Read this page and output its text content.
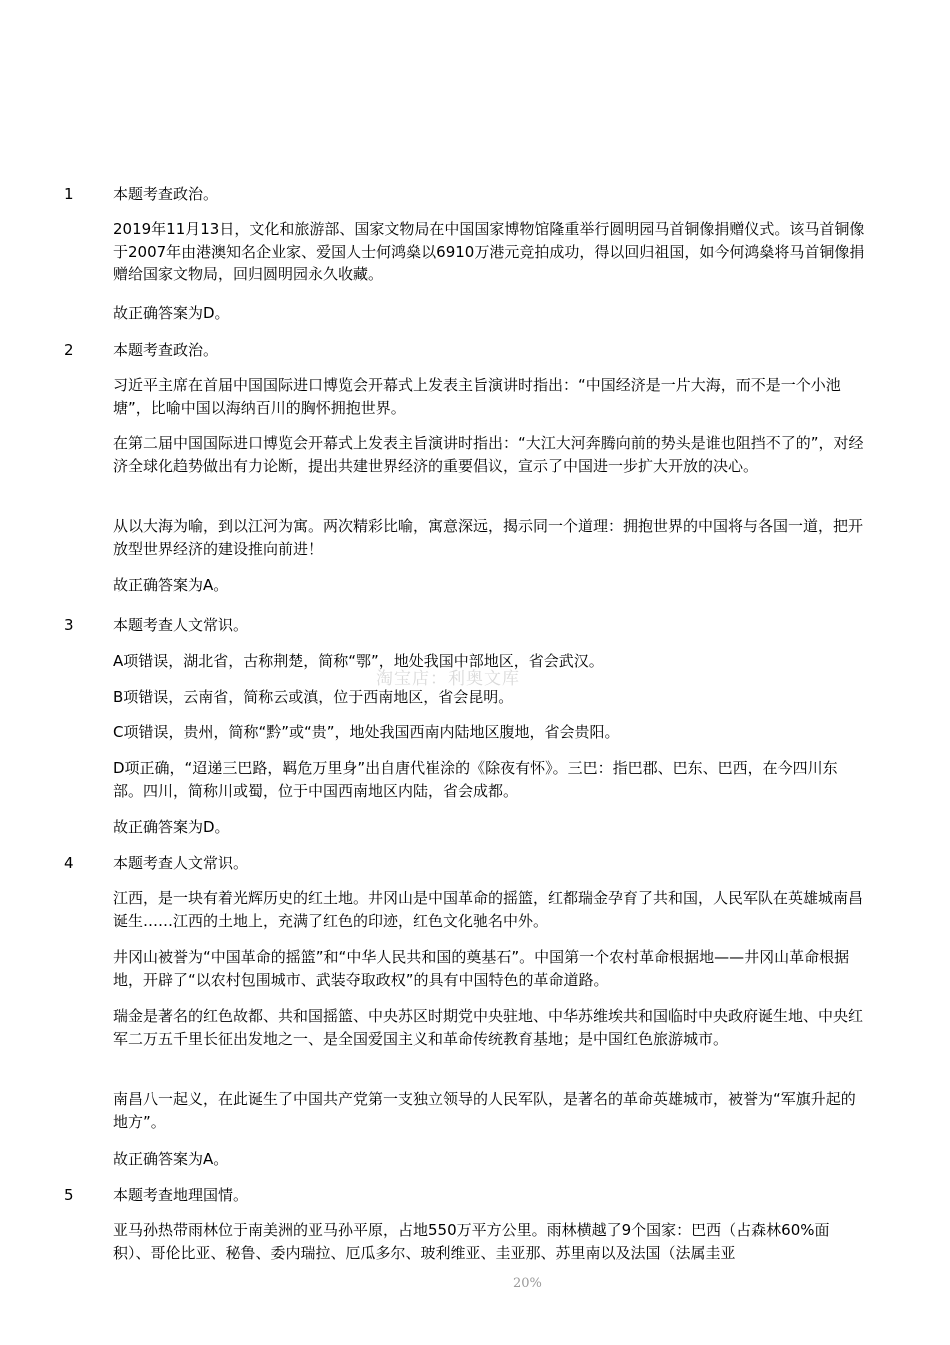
1	本题考查政治。
2019年11月13日，文化和旅游部、国家文物局在中国国家博物馆隆重举行圆明园马首铜像捐赠仪式。该马首铜像于2007年由港澳知名企业家、爱国人士何鸿燊以6910万港元竞拍成功，得以回归祖国，如今何鸿燊将马首铜像捐赠给国家文物局，回归圆明园永久收藏。
故正确答案为D。
2	本题考查政治。
习近平主席在首届中国国际进口博览会开幕式上发表主旨演讲时指出：“中国经济是一片大海，而不是一个小池塘”，比喻中国以海纳百川的胸怀拥抱世界。
在第二届中国国际进口博览会开幕式上发表主旨演讲时指出：“大江大河奔腾向前的势头是谁也阻挡不了的”，对经济全球化趋势做出有力论断，提出共建世界经济的重要倡议，宣示了中国进一步扩大开放的决心。
从以大海为喻，到以江河为寓。两次精彩比喻，寓意深远，揭示同一个道理：拥抱世界的中国将与各国一道，把开放型世界经济的建设推向前进！
故正确答案为A。
3	本题考查人文常识。
A项错误，湖北省，古称荆楚，简称“鄂”，地处我国中部地区，省会武汉。
B项错误，云南省，简称云或滇，位于西南地区，省会昆明。
C项错误，贵州，简称“黔”或“贵”，地处我国西南内陆地区腹地，省会贵阳。
D项正确，“迢递三巴路，羁危万里身”出自唐代崔涂的《除夜有怀》。三巴：指巴郡、巴东、巴西，在今四川东部。四川，简称川或蜀，位于中国西南地区内陆，省会成都。
故正确答案为D。
4	本题考查人文常识。
江西，是一块有着光辉历史的红土地。井冈山是中国革命的摇篮，红都瑞金孕育了共和国，人民军队在英雄城南昌诞生……江西的土地上，充满了红色的印迹，红色文化驰名中外。
井冈山被誉为“中国革命的摇篮”和“中华人民共和国的奠基石”。中国第一个农村革命根据地——井冈山革命根据地，开辟了“以农村包围城市、武装夺取政权”的具有中国特色的革命道路。
瑞金是著名的红色故都、共和国摇篮、中央苏区时期党中央驻地、中华苏维埃共和国临时中央政府诞生地、中央红军二万五千里长征出发地之一、是全国爱国主义和革命传统教育基地；是中国红色旅游城市。
南昌八一起义，在此诞生了中国共产党第一支独立领导的人民军队，是著名的革命英雄城市，被誉为“军旗升起的地方”。
故正确答案为A。
5	本题考查地理国情。
亚马孙热带雨林位于南美洲的亚马孙平原，占地550万平方公里。雨林横越了9个国家：巴西（占森林60%面积）、哥伦比亚、秘鲁、委内瑞拉、厄瓜多尔、玻利维亚、圭亚那、苏里南以及法国（法属圭亚
淘宝店：利奥文库
20%
